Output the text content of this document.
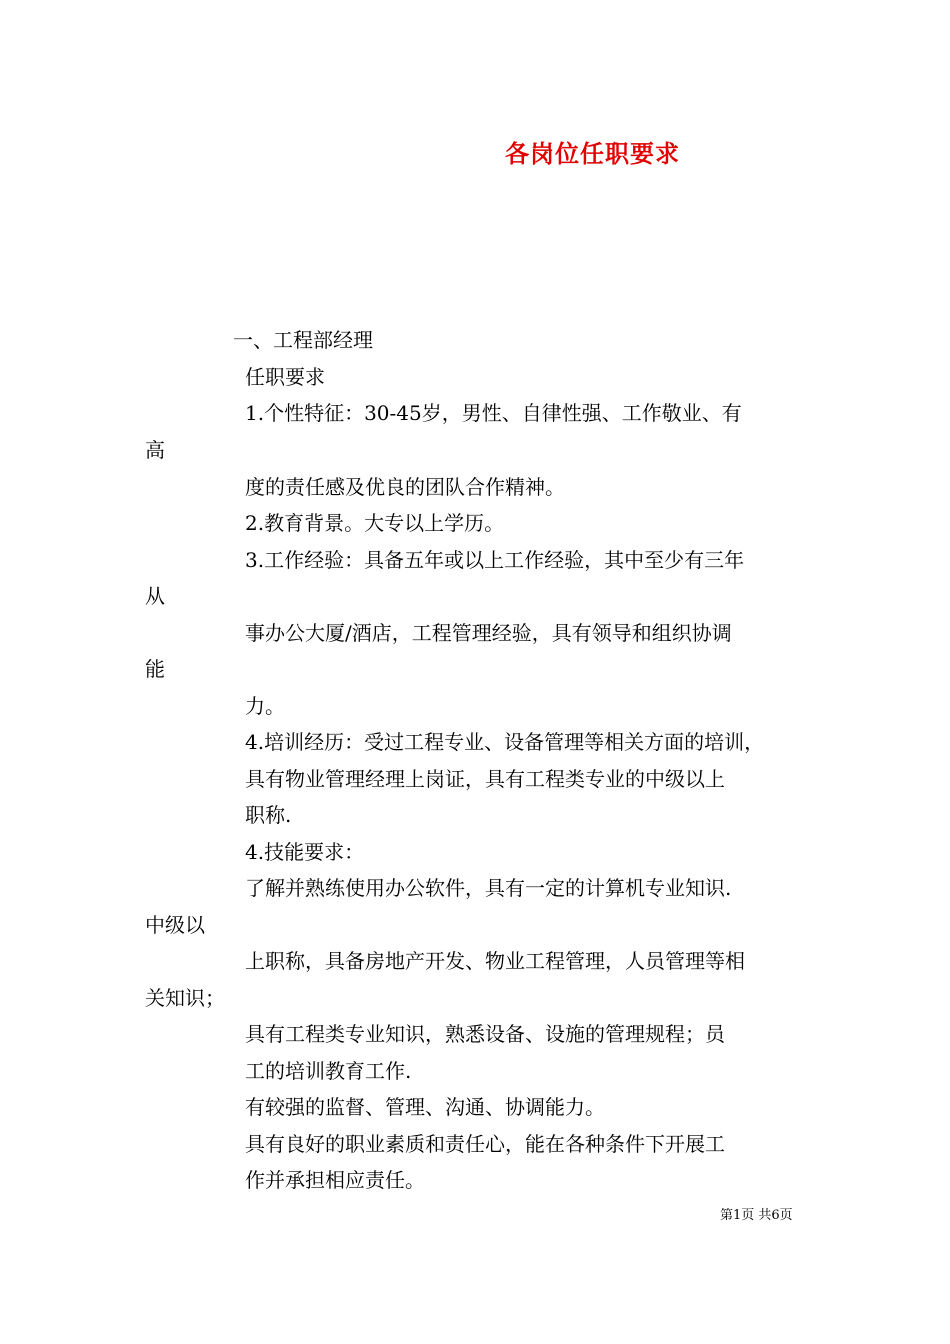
各岗位任职要求
一、工程部经理
任职要求
1.个性特征：30-45岁，男性、自律性强、工作敬业、有
高
度的责任感及优良的团队合作精神。
2.教育背景。大专以上学历。
3.工作经验：具备五年或以上工作经验，其中至少有三年
从
事办公大厦/酒店，工程管理经验，具有领导和组织协调
能
力。
4.培训经历：受过工程专业、设备管理等相关方面的培训，
具有物业管理经理上岗证，具有工程类专业的中级以上
职称.
4.技能要求：
了解并熟练使用办公软件，具有一定的计算机专业知识.
中级以
上职称，具备房地产开发、物业工程管理，人员管理等相
关知识；
具有工程类专业知识，熟悉设备、设施的管理规程；员
工的培训教育工作.
有较强的监督、管理、沟通、协调能力。
具有良好的职业素质和责任心，能在各种条件下开展工
作并承担相应责任。
第1页 共6页
